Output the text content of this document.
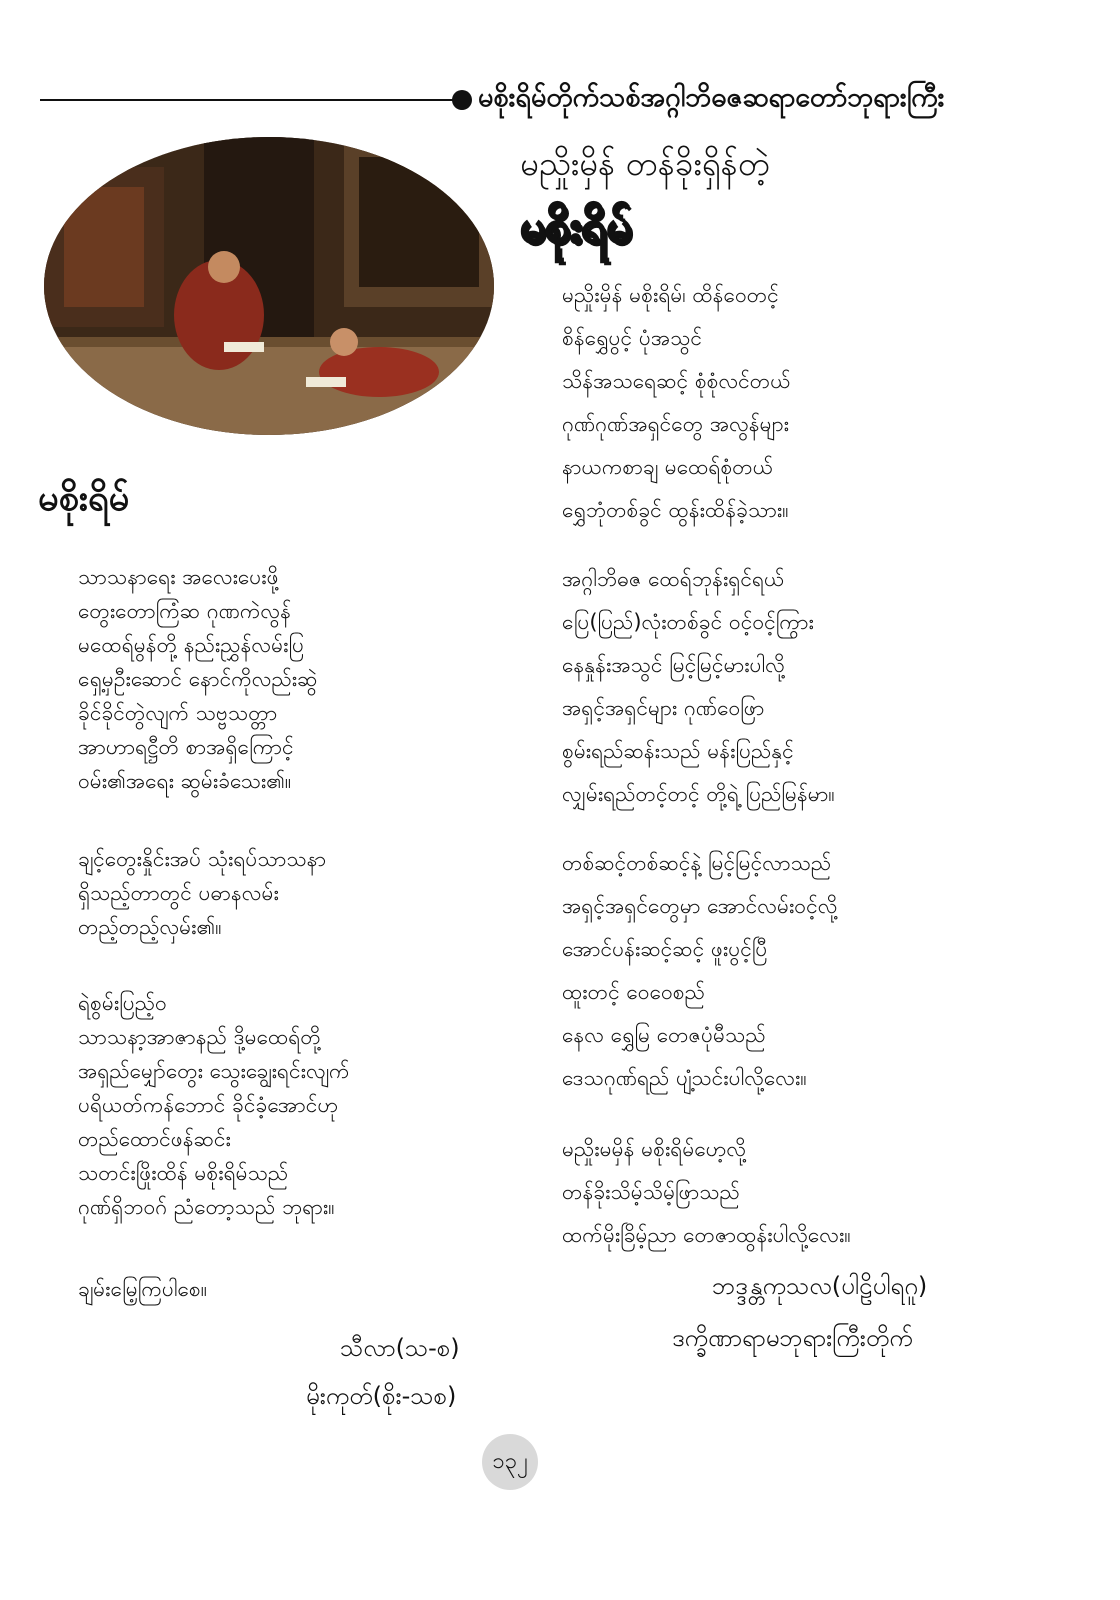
မစိုးရိမ်တိုက်သစ်အဂ္ဂါဘိဓဇဆရာတော်ဘုရားကြီး
မညှိုးမှိန် တန်ခိုးရှိန်တဲ့
မစိုးရိမ်
မညှိုးမှိန် မစိုးရိမ်၊ ထိန်ဝေတင့်
စိန်ရွှေပွင့် ပုံအသွင်
သိန်အသရေဆင့် စုံစုံလင်တယ်
ဂုဏ်ဂုဏ်အရှင်တွေ အလွန်များ
နာယကစာချ မထေရ်စုံတယ်
ရွှေဘုံတစ်ခွင် ထွန်းထိန်ခဲ့သား။
အဂ္ဂါဘိဓဇ ထေရ်ဘုန်းရှင်ရယ်
ပြေ(ပြည်)လုံးတစ်ခွင် ဝင့်ဝင့်ကြွား
နေနှုန်းအသွင် မြင့်မြင့်မားပါလို့
အရှင့်အရှင်များ ဂုဏ်ဝေဖြာ
စွမ်းရည်ဆန်းသည် မန်းပြည်နှင့်
လျှမ်းရည်တင့်တင့် တို့ရဲ့ ပြည်မြန်မာ။
တစ်ဆင့်တစ်ဆင့်နဲ့ မြင့်မြင့်လာသည်
အရှင့်အရှင်တွေမှာ အောင်လမ်းဝင့်လို့
အောင်ပန်းဆင့်ဆင့် ဖူးပွင့်ပြီ
ထူးတင့် ဝေဝေစည်
နေလ ရွှေမြ တေဇပုံမီသည်
ဒေသဂုဏ်ရည် ပျံ့သင်းပါလို့လေး။
မညှိုးမမှိန် မစိုးရိမ်ဟေ့လို့
တန်ခိုးသိမ့်သိမ့်ဖြာသည်
ထက်မိုးခြိမ့်ညာ တေဇာထွန်းပါလို့လေး။
ဘဒ္ဒန္တကုသလ(ပါဠိပါရဂူ)
ဒက္ခိဏာရာမဘုရားကြီးတိုက်
မစိုးရိမ်
သာသနာရေး အလေးပေးဖို့
တွေးတောကြံဆ ဂုဏကဲလွန်
မထေရ်မွန်တို့ နည်းညွှန်လမ်းပြ
ရှေ့မှဦးဆောင် နောင်ကိုလည်းဆွဲ
ခိုင်ခိုင်တွဲလျက် သဗ္ဗသတ္တာ
အာဟာရဋ္ဌီတိ စာအရှိကြောင့်
ဝမ်း၏အရေး ဆွမ်းခံသေး၏။
ချင့်တွေးနှိုင်းအပ် သုံးရပ်သာသနာ
ရှိသည့်တာတွင် ပဓာနလမ်း
တည့်တည့်လှမ်း၏။
ရဲစွမ်းပြည့်ဝ
သာသနာ့အာဇာနည် ဒို့မထေရ်တို့
အရှည်မျှော်တွေး သွေးချွေးရင်းလျက်
ပရိယတ်ကန်ဘောင် ခိုင်ခံ့အောင်ဟု
တည်ထောင်ဖန်ဆင်း
သတင်းဖြိုးထိန် မစိုးရိမ်သည်
ဂုဏ်ရှိဘဝဂ် ညံတော့သည် ဘုရား။
ချမ်းမြေ့ကြပါစေ။
သီလာ(သ-စ)
မိုးကုတ်(စိုး-သစ)
၁၃၂
